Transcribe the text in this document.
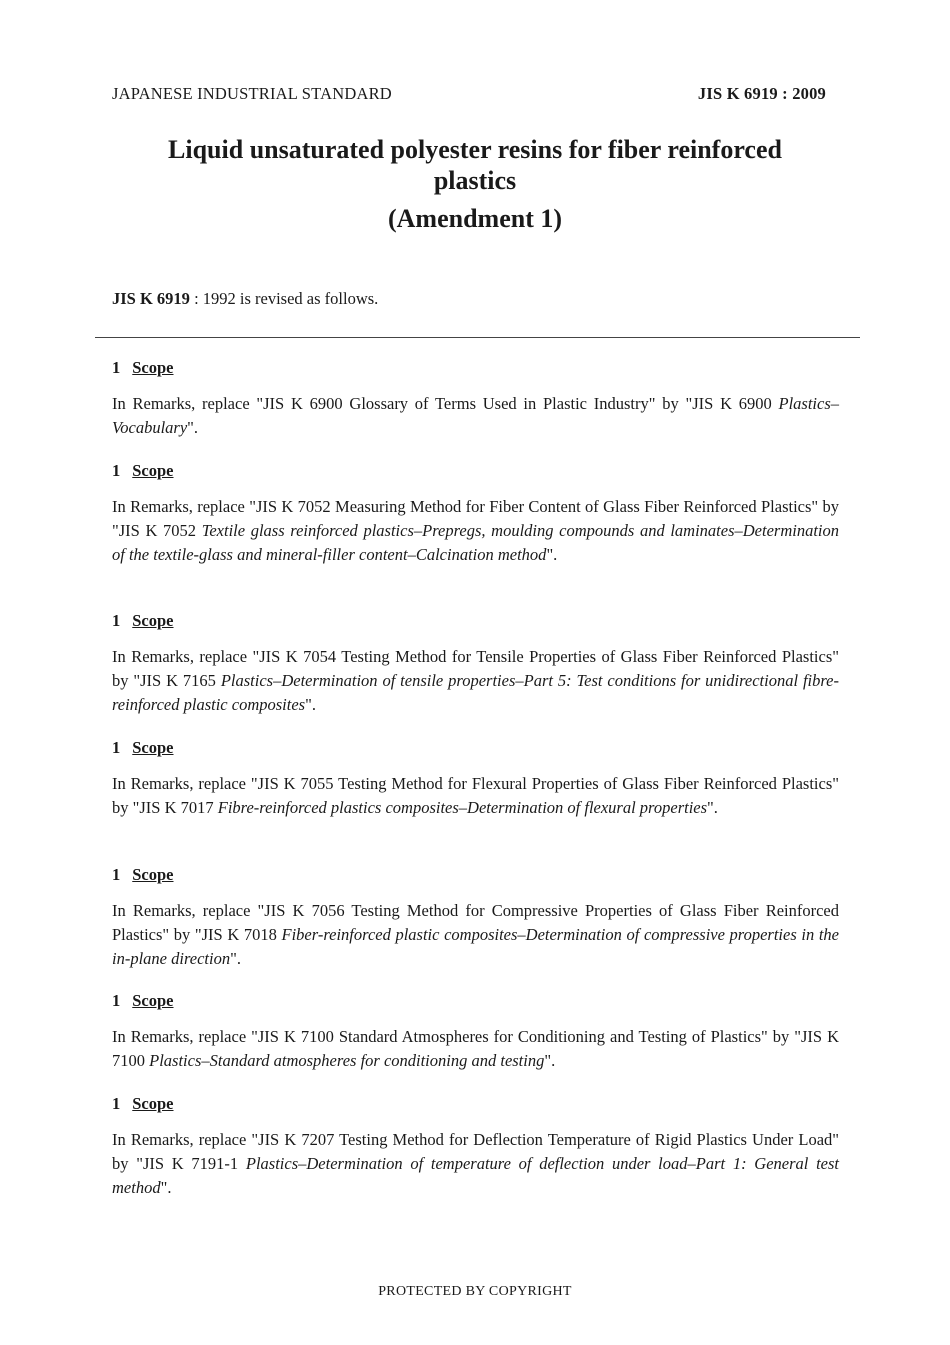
JAPANESE INDUSTRIAL STANDARD	JIS K 6919 : 2009
Liquid unsaturated polyester resins for fiber reinforced
plastics
(Amendment 1)
JIS K 6919 : 1992 is revised as follows.
1 Scope
In Remarks, replace "JIS K 6900 Glossary of Terms Used in Plastic Industry" by "JIS K 6900 Plastics–Vocabulary".
1 Scope
In Remarks, replace "JIS K 7052 Measuring Method for Fiber Content of Glass Fiber Reinforced Plastics" by "JIS K 7052 Textile glass reinforced plastics–Prepregs, moulding compounds and laminates–Determination of the textile-glass and mineral-filler content–Calcination method".
1 Scope
In Remarks, replace "JIS K 7054 Testing Method for Tensile Properties of Glass Fiber Reinforced Plastics" by "JIS K 7165 Plastics–Determination of tensile properties–Part 5: Test conditions for unidirectional fibre-reinforced plastic composites".
1 Scope
In Remarks, replace "JIS K 7055 Testing Method for Flexural Properties of Glass Fiber Reinforced Plastics" by "JIS K 7017 Fibre-reinforced plastics composites–Determination of flexural properties".
1 Scope
In Remarks, replace "JIS K 7056 Testing Method for Compressive Properties of Glass Fiber Reinforced Plastics" by "JIS K 7018 Fiber-reinforced plastic composites–Determination of compressive properties in the in-plane direction".
1 Scope
In Remarks, replace "JIS K 7100 Standard Atmospheres for Conditioning and Testing of Plastics" by "JIS K 7100 Plastics–Standard atmospheres for conditioning and testing".
1 Scope
In Remarks, replace "JIS K 7207 Testing Method for Deflection Temperature of Rigid Plastics Under Load" by "JIS K 7191-1 Plastics–Determination of temperature of deflection under load–Part 1: General test method".
PROTECTED BY COPYRIGHT
